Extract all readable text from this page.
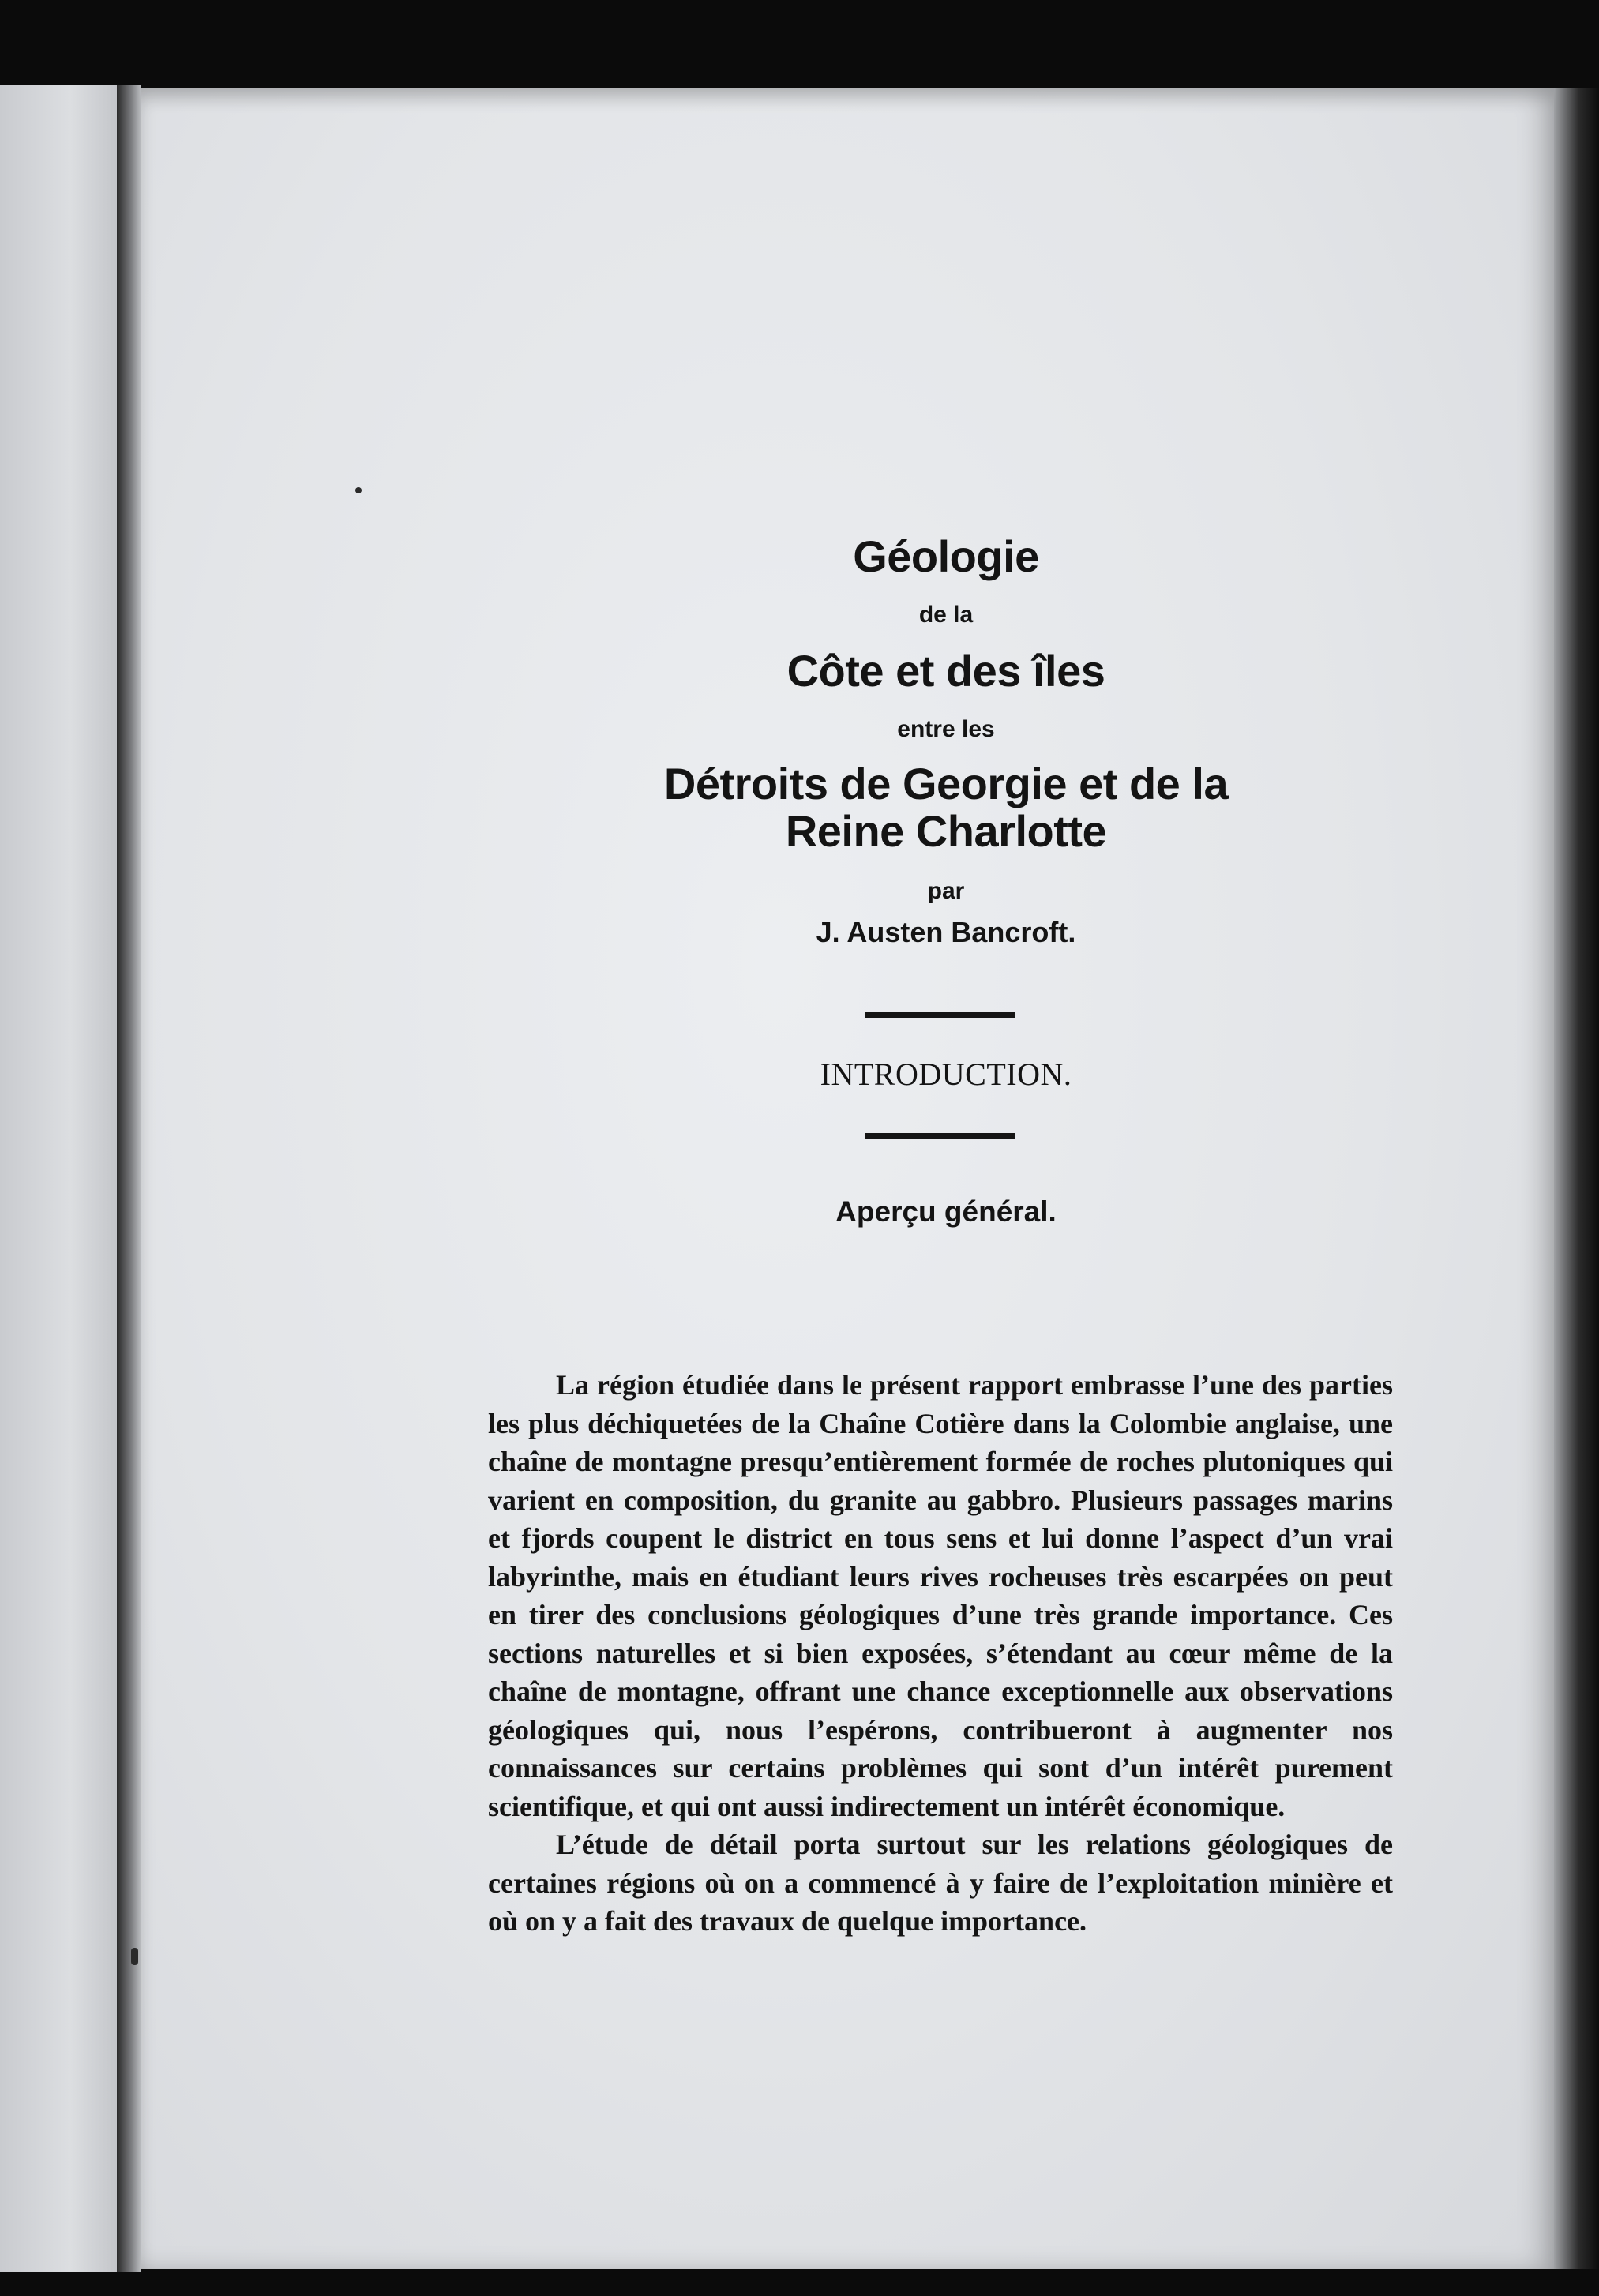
Géologie
de la
Côte et des îles
entre les
Détroits de Georgie et de la
Reine Charlotte
par
J. Austen Bancroft.
INTRODUCTION.
Aperçu général.

La région étudiée dans le présent rapport embrasse l’une des parties les plus déchiquetées de la Chaîne Cotière dans la Colombie anglaise, une chaîne de montagne presqu’entièrement formée de roches plutoniques qui varient en composition, du granite au gabbro. Plusieurs passages marins et fjords coupent le district en tous sens et lui donne l’aspect d’un vrai labyrinthe, mais en étudiant leurs rives rocheuses très escarpées on peut en tirer des conclusions géologiques d’une très grande importance. Ces sections naturelles et si bien exposées, s’étendant au cœur même de la chaîne de montagne, offrant une chance exceptionnelle aux observations géologiques qui, nous l’espérons, contribueront à augmenter nos connaissances sur certains problèmes qui sont d’un intérêt purement scientifique, et qui ont aussi indirectement un intérêt économique.

L’étude de détail porta surtout sur les relations géologiques de certaines régions où on a commencé à y faire de l’exploitation minière et où on y a fait des travaux de quelque importance.
